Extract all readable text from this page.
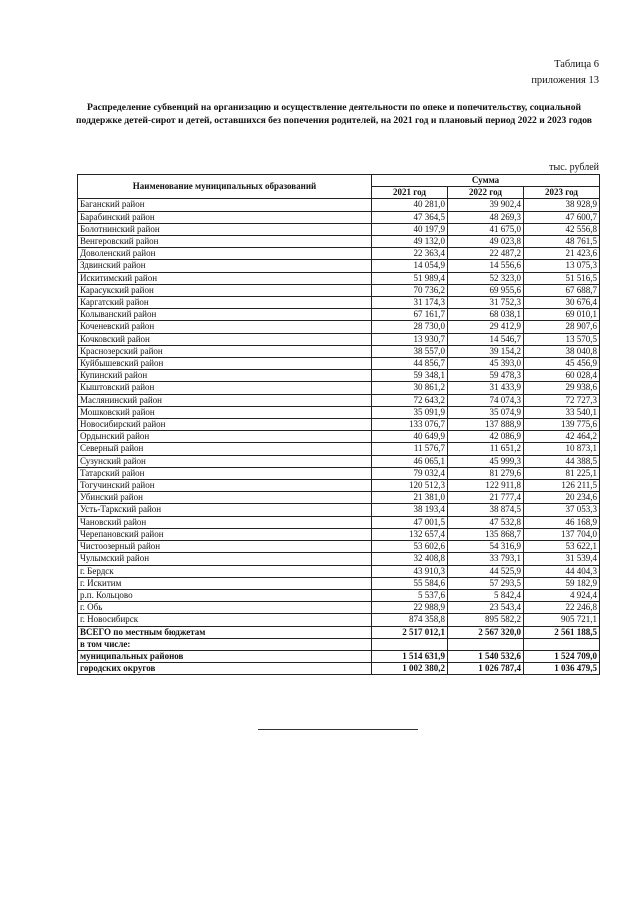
Таблица 6
приложения 13
Распределение субвенций на организацию и осуществление деятельности по опеке и попечительству, социальной поддержке детей-сирот и детей, оставшихся без попечения родителей, на 2021 год и плановый период 2022 и 2023 годов
тыс. рублей
Наименование муниципальных образований	Сумма		
	2021 год	2022 год	2023 год
Баганский район	40 281,0	39 902,4	38 928,9
Барабинский район	47 364,5	48 269,3	47 600,7
Болотнинский район	40 197,9	41 675,0	42 556,8
Венгеровский район	49 132,0	49 023,8	48 761,5
Доволенский район	22 363,4	22 487,2	21 423,6
Здвинский район	14 054,9	14 556,6	13 075,3
Искитимский район	51 989,4	52 323,0	51 516,5
Карасукский район	70 736,2	69 955,6	67 688,7
Каргатский район	31 174,3	31 752,3	30 676,4
Колыванский район	67 161,7	68 038,1	69 010,1
Коченевский район	28 730,0	29 412,9	28 907,6
Кочковский район	13 930,7	14 546,7	13 570,5
Краснозерский район	38 557,0	39 154,2	38 040,8
Куйбышевский район	44 856,7	45 393,0	45 456,9
Купинский район	59 348,1	59 478,3	60 028,4
Кыштовский район	30 861,2	31 433,9	29 938,6
Маслянинский район	72 643,2	74 074,3	72 727,3
Мошковский район	35 091,9	35 074,9	33 540,1
Новосибирский район	133 076,7	137 888,9	139 775,6
Ордынский район	40 649,9	42 086,9	42 464,2
Северный район	11 576,7	11 651,2	10 873,1
Сузунский район	46 065,1	45 999,3	44 388,5
Татарский район	79 032,4	81 279,6	81 225,1
Тогучинский район	120 512,3	122 911,8	126 211,5
Убинский район	21 381,0	21 777,4	20 234,6
Усть-Таркский район	38 193,4	38 874,5	37 053,3
Чановский район	47 001,5	47 532,8	46 168,9
Черепановский район	132 657,4	135 868,7	137 704,0
Чистоозерный район	53 602,6	54 316,9	53 622,1
Чулымский район	32 408,8	33 793,1	31 539,4
г. Бердск	43 910,3	44 525,9	44 404,3
г. Искитим	55 584,6	57 293,5	59 182,9
р.п. Кольцово	5 537,6	5 842,4	4 924,4
г. Обь	22 988,9	23 543,4	22 246,8
г. Новосибирск	874 358,8	895 582,2	905 721,1
ВСЕГО по местным бюджетам	2 517 012,1	2 567 320,0	2 561 188,5
в том числе:			
муниципальных районов	1 514 631,9	1 540 532,6	1 524 709,0
городских округов	1 002 380,2	1 026 787,4	1 036 479,5
